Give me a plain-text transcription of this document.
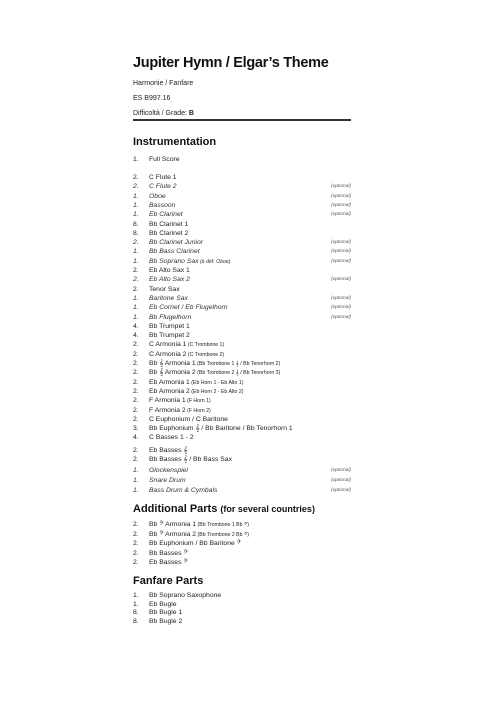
Jupiter Hymn / Elgar’s Theme
Harmonie / Fanfare
ES B997.16
Difficoltà / Grade: B
Instrumentation
1.	Full Score
2.	C Flute 1
2.	C Flute 2	(optional)
1.	Oboe	(optional)
1.	Bassoon	(optional)
1.	Eb Clarinet	(optional)
8.	Bb Clarinet 1
8.	Bb Clarinet 2
2.	Bb Clarinet Junior	(optional)
1.	Bb Bass Clarinet	(optional)
1.	Bb Soprano Sax (à déf. Oboe)	(optional)
2.	Eb Alto Sax 1
2.	Eb Alto Sax 2	(optional)
2.	Tenor Sax
1.	Baritone Sax	(optional)
1.	Eb Cornet / Eb Flugelhorn	(optional)
1.	Bb Flugelhorn	(optional)
4.	Bb Trumpet 1
4.	Bb Trumpet 2
2.	C Armonia 1 (C Trombone 1)
2.	C Armonia 2 (C Trombone 2)
2.	Bb 𝄞 Armonia 1 (Bb Trombone 1 𝄞 / Bb Tenorhorn 2)
2.	Bb 𝄞 Armonia 2 (Bb Trombone 2 𝄞 / Bb Tenorhorn 3)
2.	Eb Armonia 1 (Eb Horn 1 - Eb Alto 1)
2.	Eb Armonia 2 (Eb Horn 2 - Eb Alto 2)
2.	F Armonia 1 (F Horn 1)
2.	F Armonia 2 (F Horn 2)
2.	C Euphonium / C Baritone
3.	Bb Euphonium 𝄞 / Bb Baritone / Bb Tenorhorn 1
4.	C Basses 1 - 2
2.	Eb Basses 𝄞
2.	Bb Basses 𝄞 / Bb Bass Sax
1.	Glockenspiel	(optional)
1.	Snare Drum	(optional)
1.	Bass Drum & Cymbals	(optional)
Additional Parts (for several countries)
2.	Bb 𝄢 Armonia 1 (Bb Trombone 1 Bb 𝄢)
2.	Bb 𝄢 Armonia 2 (Bb Trombone 2 Bb 𝄢)
2.	Bb Euphonium / Bb Baritone 𝄢
2.	Bb Basses 𝄢
2.	Eb Basses 𝄢
Fanfare Parts
1.	Bb Soprano Saxophone
1.	Eb Bugle
8.	Bb Bugle 1
8.	Bb Bugle 2
